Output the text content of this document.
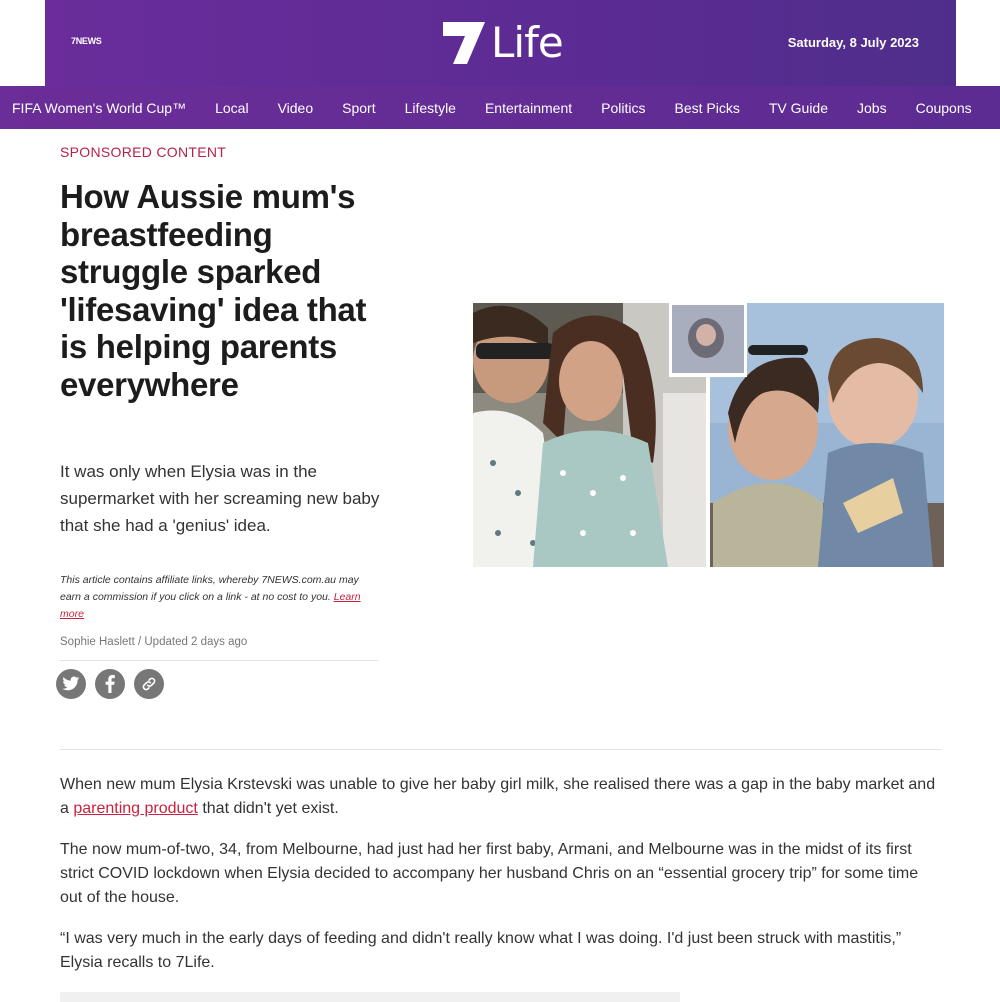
7NEWS	Life	Saturday, 8 July 2023
FIFA Women's World Cup™ Local Video Sport Lifestyle Entertainment Politics Best Picks TV Guide Jobs Coupons
SPONSORED CONTENT
How Aussie mum's breastfeeding struggle sparked 'lifesaving' idea that is helping parents everywhere

It was only when Elysia was in the supermarket with her screaming new baby that she had a 'genius' idea.

This article contains affiliate links, whereby 7NEWS.com.au may earn a commission if you click on a link - at no cost to you. Learn more

Sophie Haslett / Updated 2 days ago

When new mum Elysia Krstevski was unable to give her baby girl milk, she realised there was a gap in the baby market and a parenting product that didn't yet exist.

The now mum-of-two, 34, from Melbourne, had just had her first baby, Armani, and Melbourne was in the midst of its first strict COVID lockdown when Elysia decided to accompany her husband Chris on an “essential grocery trip” for some time out of the house.

“I was very much in the early days of feeding and didn't really know what I was doing. I'd just been struck with mastitis,” Elysia recalls to 7Life.
